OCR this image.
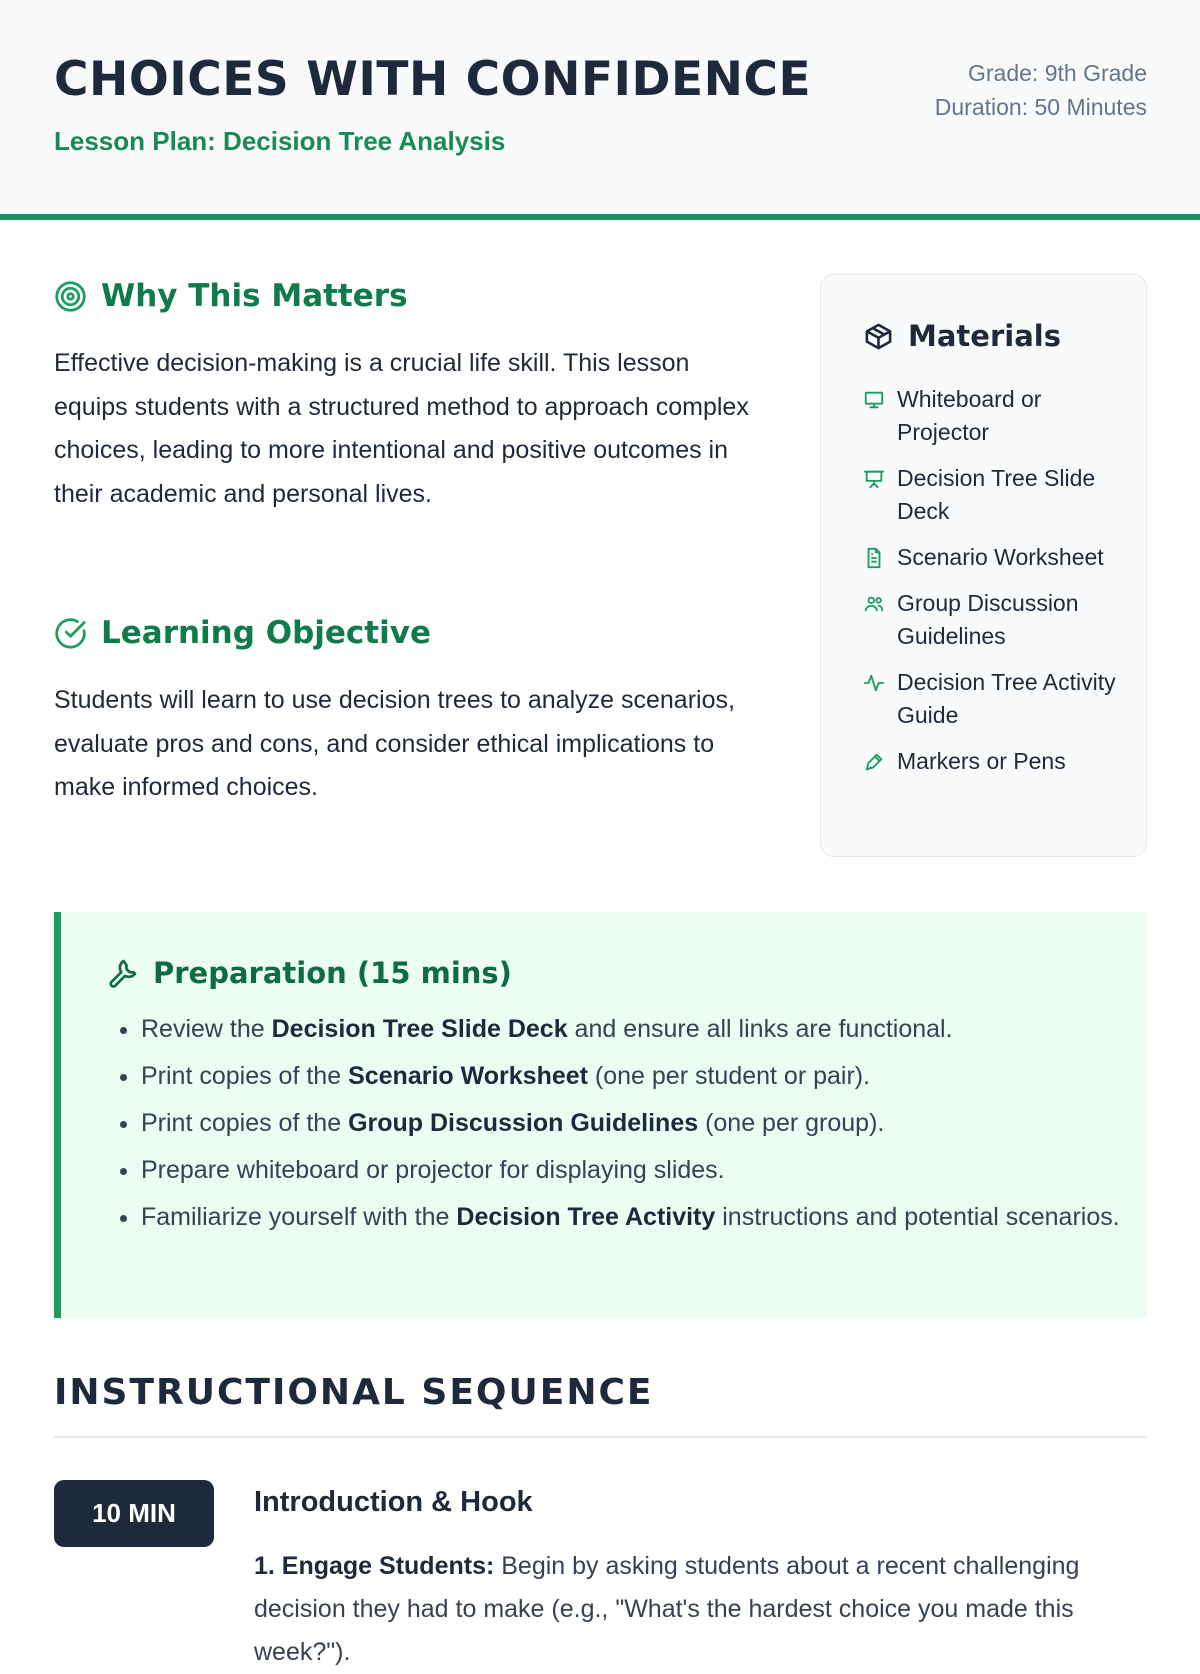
CHOICES WITH CONFIDENCE
Lesson Plan: Decision Tree Analysis
Grade: 9th Grade
Duration: 50 Minutes
Why This Matters

Effective decision-making is a crucial life skill. This lesson equips students with a structured method to approach complex choices, leading to more intentional and positive outcomes in their academic and personal lives.

Learning Objective

Students will learn to use decision trees to analyze scenarios, evaluate pros and cons, and consider ethical implications to make informed choices.

Materials
Whiteboard or Projector
Decision Tree Slide Deck
Scenario Worksheet
Group Discussion Guidelines
Decision Tree Activity Guide
Markers or Pens
Preparation (15 mins)
• Review the Decision Tree Slide Deck and ensure all links are functional.
• Print copies of the Scenario Worksheet (one per student or pair).
• Print copies of the Group Discussion Guidelines (one per group).
• Prepare whiteboard or projector for displaying slides.
• Familiarize yourself with the Decision Tree Activity instructions and potential scenarios.
INSTRUCTIONAL SEQUENCE
10 MIN	Introduction & Hook

1. Engage Students: Begin by asking students about a recent challenging decision they had to make (e.g., "What's the hardest choice you made this week?").
